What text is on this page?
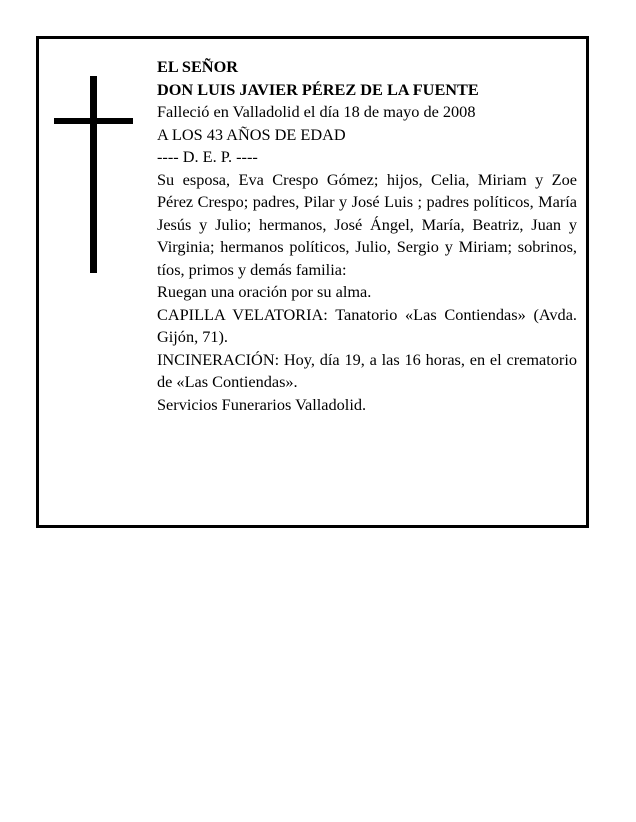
EL SEÑOR

DON LUIS JAVIER PÉREZ DE LA FUENTE

Falleció en Valladolid el día 18 de mayo de 2008

A LOS 43 AÑOS DE EDAD

---- D. E. P. ----

Su esposa, Eva Crespo Gómez; hijos, Celia, Miriam y Zoe Pérez Crespo; padres, Pilar y José Luis ; padres políticos, María Jesús y Julio; hermanos, José Ángel, María, Beatriz, Juan y Virginia; hermanos políticos, Julio, Sergio y Miriam; sobrinos, tíos, primos y demás familia:

Ruegan una oración por su alma.

CAPILLA VELATORIA: Tanatorio «Las Contiendas» (Avda. Gijón, 71).

INCINERACIÓN: Hoy, día 19, a las 16 horas, en el crematorio de «Las Contiendas».

Servicios Funerarios Valladolid.
